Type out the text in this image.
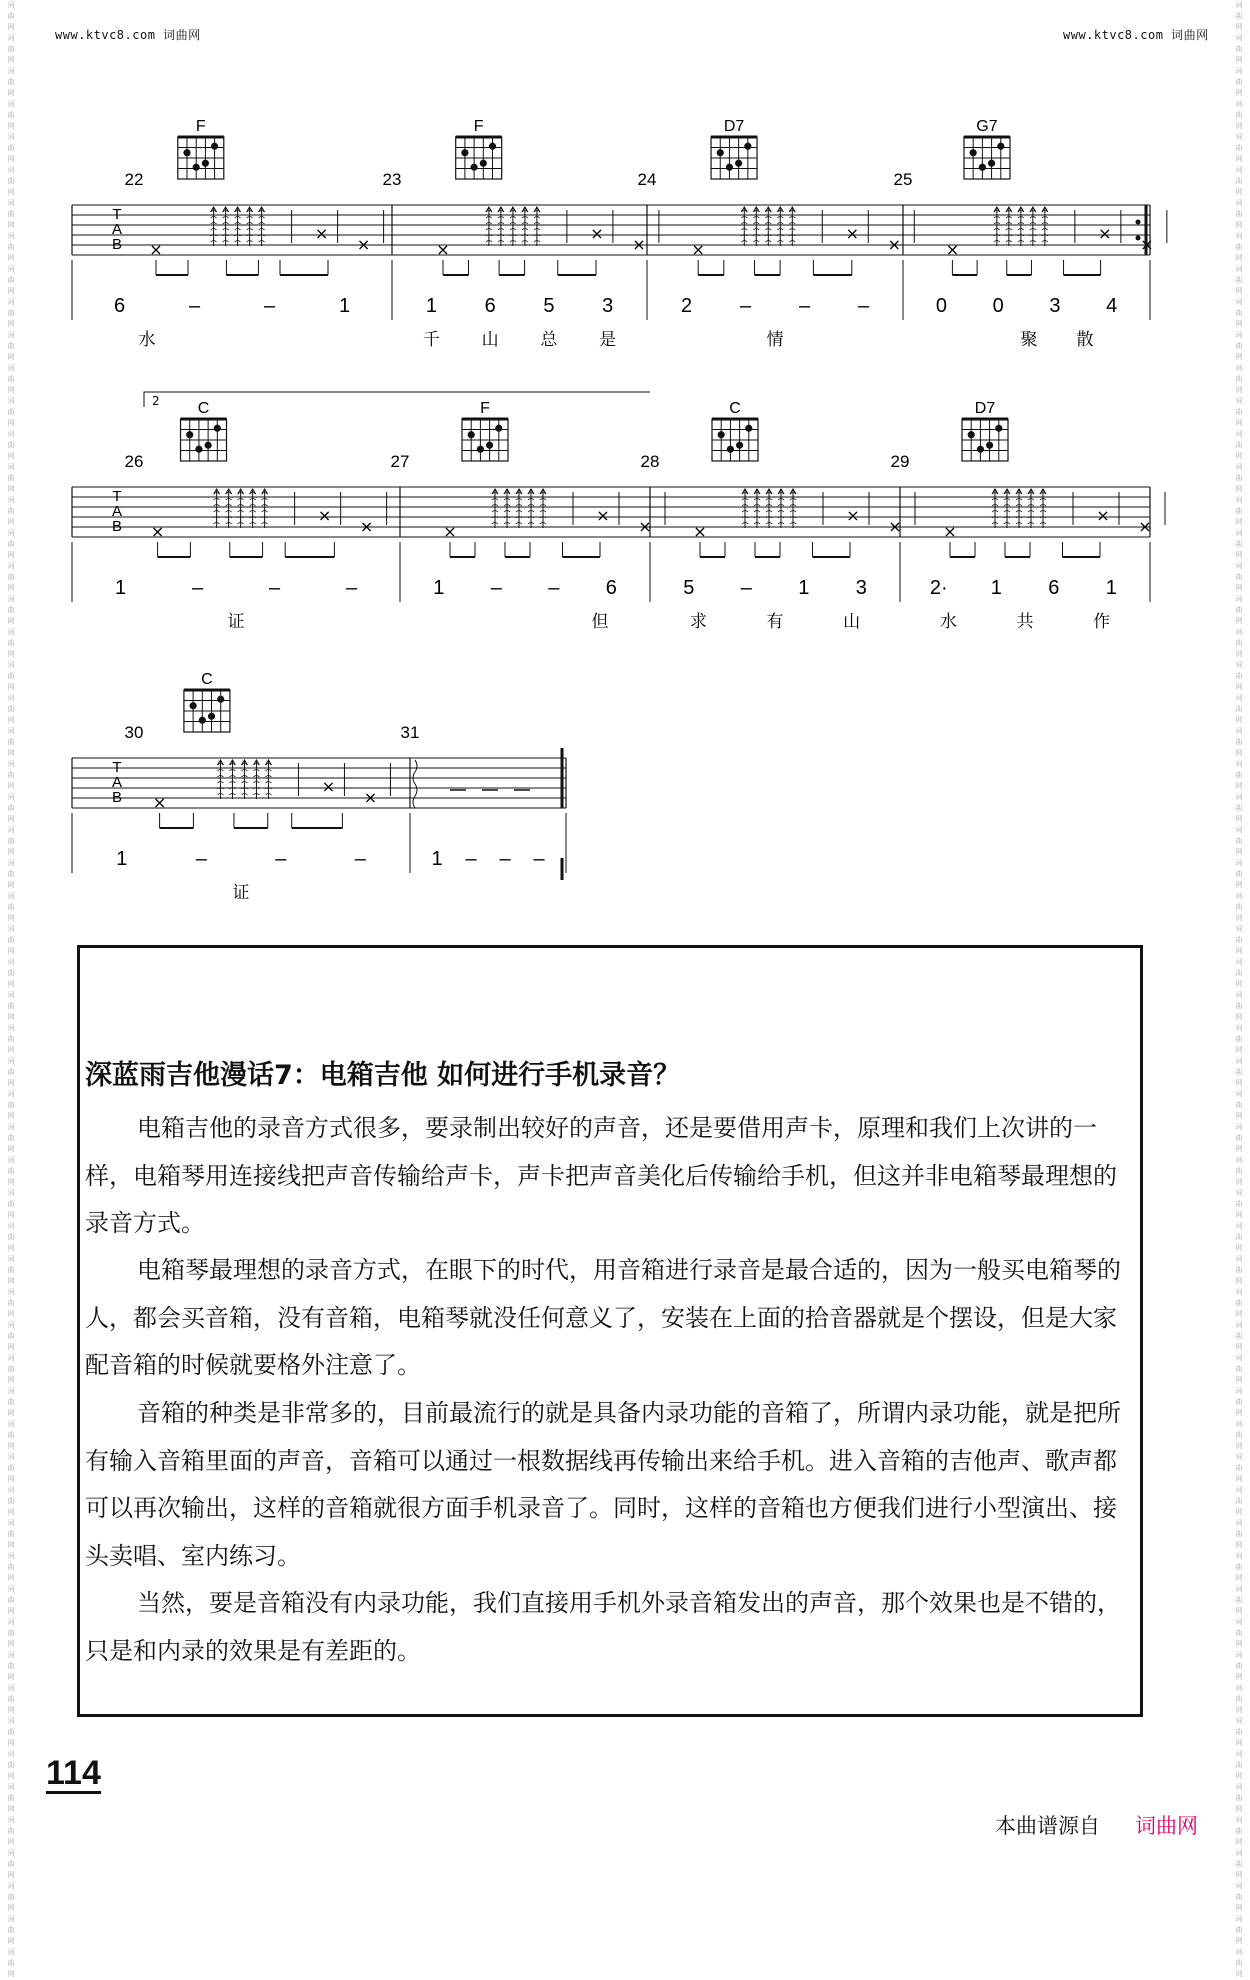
www.ktvc8.com 词曲网	www.ktvc8.com 词曲网
词
曲
网
词
曲
网
词
曲
网
词
曲
网
词
曲
网
词
曲
网
词
曲
网
词
曲
网
词
曲
网
词
曲
网
词
曲
网
词
曲
网
词
曲
网
词
曲
网
词
曲
网
词
曲
网
词
曲
网
词
曲
网
词
曲
网
词
曲
网
词
曲
网
词
曲
网
词
曲
网
词
曲
网
词
曲
网
词
曲
网
词
曲
网
词
曲
网
词
曲
网
词
曲
网
词
曲
网
词
曲
网
词
曲
网
词
曲
网
词
曲
网
词
曲
网
词
曲
网
词
曲
网
词
曲
网
词
曲
网
词
曲
网
词
曲
网
词
曲
网
词
曲
网
词
曲
网
词
曲
网
词
曲
网
词
曲
网
词
曲
网
词
曲
网
词
曲
网
词
曲
网
词
曲
网
词
曲
网
词
曲
网
词
曲
网
词
曲
网
词
曲
网
词
曲
网
词
曲
网
词
曲
网
词
曲
网
词
曲
网
词
曲
网
词
曲
网
词
曲
网
词
曲
网
词
曲
网
词
曲
网
词
曲
网
词
曲
网
词
曲
网
词
曲
网
词
曲
网
词
曲
网
词
曲
网
词
曲
网
词
曲
网
词
曲
网
词
曲
网
词
曲
网
词
曲
网
词
曲
网
词
曲
网
词
曲
网
词
曲
网
词
曲
网
词
曲
网
词
曲
网
词
曲
网
词
曲
网
词
曲
网
词
曲
网
词
曲
网
词
曲
网
词
曲
网
词
曲
网
词
曲
网
词
曲
网
词
曲
网
词
曲
网
词
曲
网
词
曲
网
词
曲
网
词
曲
网
词
曲
网
词
曲
网
词
曲
网
词
曲
网
词
曲
网
词
曲
网
词
曲
网
词
曲
网
词
曲
网
词
曲
网
词
曲
网
词
曲
网
词
曲
网
词
曲
网
词
曲
网
T
A
B
22
F
×
×
×
6	–	–	1
水
23
F
×
×
×
1 6 5 3
千 山 总 是
24
D7
×
×
×
2 – – –
情
25
G7
×
×
×
0 0 3 4
聚 散
T
A
B
2
26
C
×
×
×
1	–	–	–
证
27
F
×
×
×
1 – – 6
但
28
C
×
×
×
5 – 1 3
求	有	山
29
D7
×
×
×
2· 1 6 1
水	共	作
T
A
B
30
C
×
×
×
1	–	–	–
证
31
1 – – –
深蓝雨吉他漫话7：电箱吉他 如何进行手机录音？

电箱吉他的录音方式很多，要录制出较好的声音，还是要借用声卡，原理和我们上次讲的一样，电箱琴用连接线把声音传输给声卡，声卡把声音美化后传输给手机，但这并非电箱琴最理想的录音方式。

电箱琴最理想的录音方式，在眼下的时代，用音箱进行录音是最合适的，因为一般买电箱琴的人，都会买音箱，没有音箱，电箱琴就没任何意义了，安装在上面的拾音器就是个摆设，但是大家配音箱的时候就要格外注意了。

音箱的种类是非常多的，目前最流行的就是具备内录功能的音箱了，所谓内录功能，就是把所有输入音箱里面的声音，音箱可以通过一根数据线再传输出来给手机。进入音箱的吉他声、歌声都可以再次输出，这样的音箱就很方面手机录音了。同时，这样的音箱也方便我们进行小型演出、接头卖唱、室内练习。

当然，要是音箱没有内录功能，我们直接用手机外录音箱发出的声音，那个效果也是不错的，只是和内录的效果是有差距的。

114
本曲谱源自 词曲网
